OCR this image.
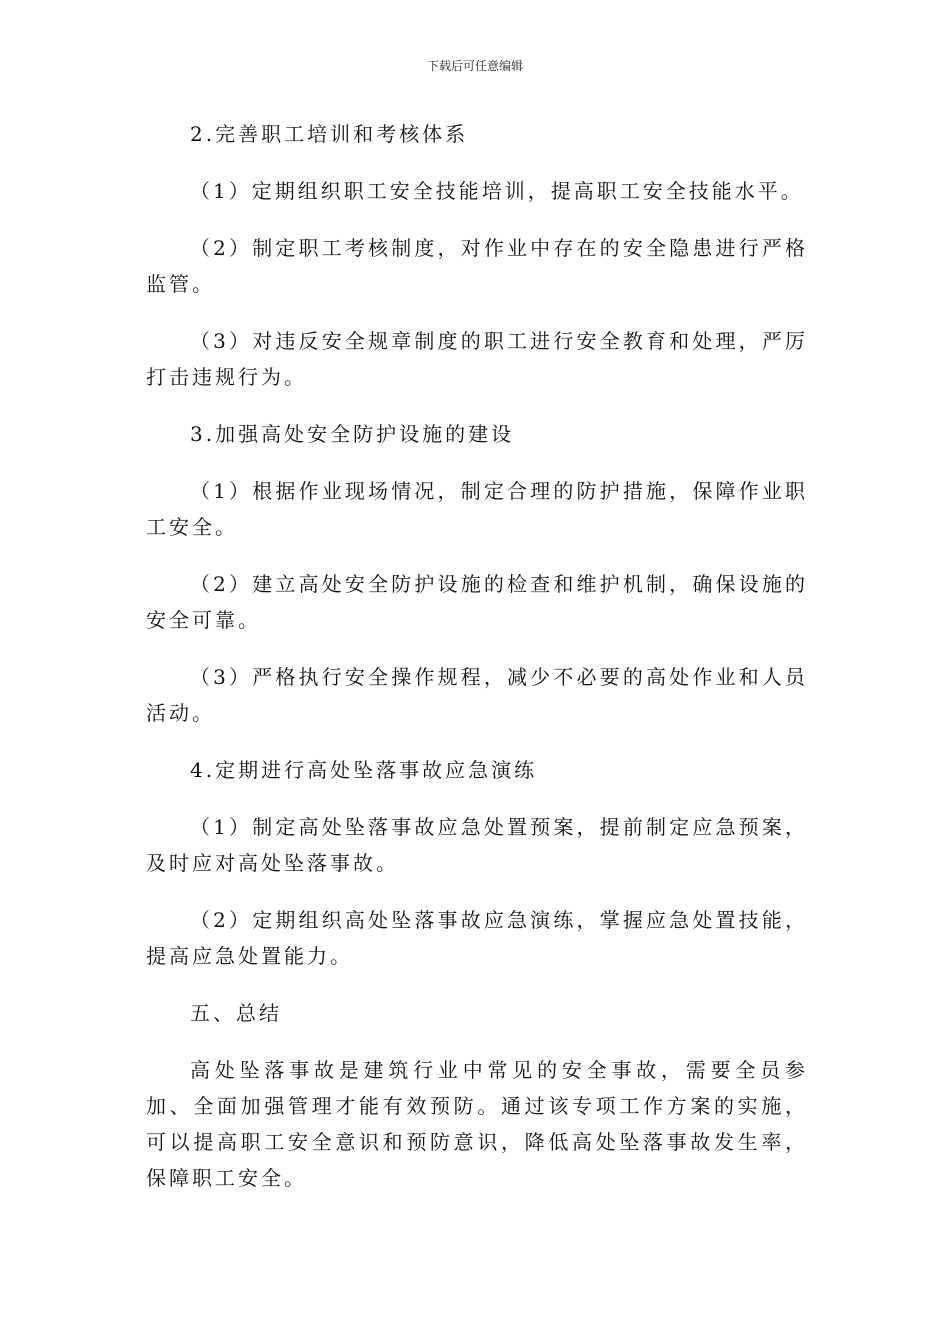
下载后可任意编辑

2.完善职工培训和考核体系

（1）定期组织职工安全技能培训，提高职工安全技能水平。

（2）制定职工考核制度，对作业中存在的安全隐患进行严格监管。

（3）对违反安全规章制度的职工进行安全教育和处理，严厉打击违规行为。

3.加强高处安全防护设施的建设

（1）根据作业现场情况，制定合理的防护措施，保障作业职工安全。

（2）建立高处安全防护设施的检查和维护机制，确保设施的安全可靠。

（3）严格执行安全操作规程，减少不必要的高处作业和人员活动。

4.定期进行高处坠落事故应急演练

（1）制定高处坠落事故应急处置预案，提前制定应急预案，及时应对高处坠落事故。

（2）定期组织高处坠落事故应急演练，掌握应急处置技能，提高应急处置能力。

五、总结

高处坠落事故是建筑行业中常见的安全事故，需要全员参加、全面加强管理才能有效预防。通过该专项工作方案的实施，可以提高职工安全意识和预防意识，降低高处坠落事故发生率，保障职工安全。
